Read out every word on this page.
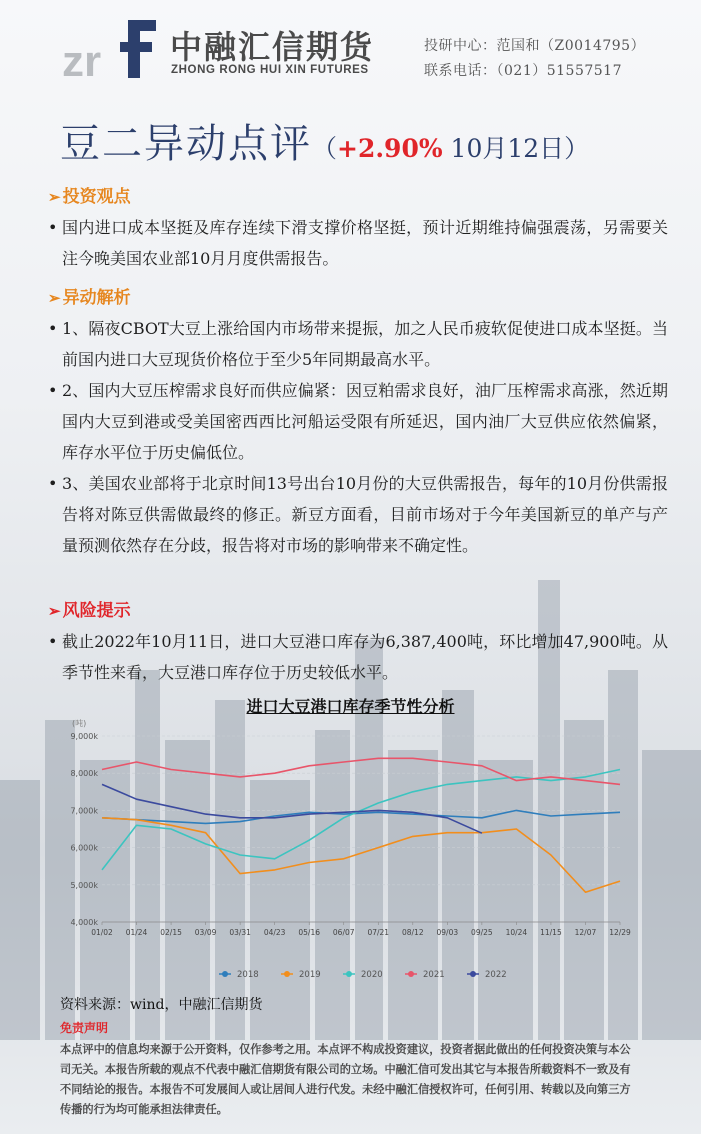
zr 中融汇信期货
ZHONG RONG HUI XIN FUTURES
投研中心：范国和（Z0014795）
联系电话：（021）51557517
豆二异动点评（+2.90% 10月12日）
➢ 投资观点
• 国内进口成本坚挺及库存连续下滑支撑价格坚挺，预计近期维持偏强震荡，另需要关注今晚美国农业部10月月度供需报告。
➢ 异动解析
• 1、隔夜CBOT大豆上涨给国内市场带来提振，加之人民币疲软促使进口成本坚挺。当前国内进口大豆现货价格位于至少5年同期最高水平。
• 2、国内大豆压榨需求良好而供应偏紧：因豆粕需求良好，油厂压榨需求高涨，然近期国内大豆到港或受美国密西西比河船运受限有所延迟，国内油厂大豆供应依然偏紧，库存水平位于历史偏低位。
• 3、美国农业部将于北京时间13号出台10月份的大豆供需报告，每年的10月份供需报告将对陈豆供需做最终的修正。新豆方面看，目前市场对于今年美国新豆的单产与产量预测依然存在分歧，报告将对市场的影响带来不确定性。
➢ 风险提示
• 截止2022年10月11日，进口大豆港口库存为6,387,400吨，环比增加47,900吨。从季节性来看，大豆港口库存位于历史较低水平。
进口大豆港口库存季节性分析
(吨)
4,000k
5,000k
6,000k
7,000k
8,000k
9,000k
01/02 01/24 02/15 03/09 03/31 04/23 05/16 06/07 07/21 08/12 09/03 09/25 10/24 11/15 12/07 12/29
2018	2019	2020	2021	2022
资料来源：wind，中融汇信期货
免责声明
本点评中的信息均来源于公开资料，仅作参考之用。本点评不构成投资建议，投资者据此做出的任何投资决策与本公司无关。本报告所载的观点不代表中融汇信期货有限公司的立场。中融汇信可发出其它与本报告所载资料不一致及有不同结论的报告。本报告不可发展间人或让居间人进行代发。未经中融汇信授权许可，任何引用、转载以及向第三方传播的行为均可能承担法律责任。
